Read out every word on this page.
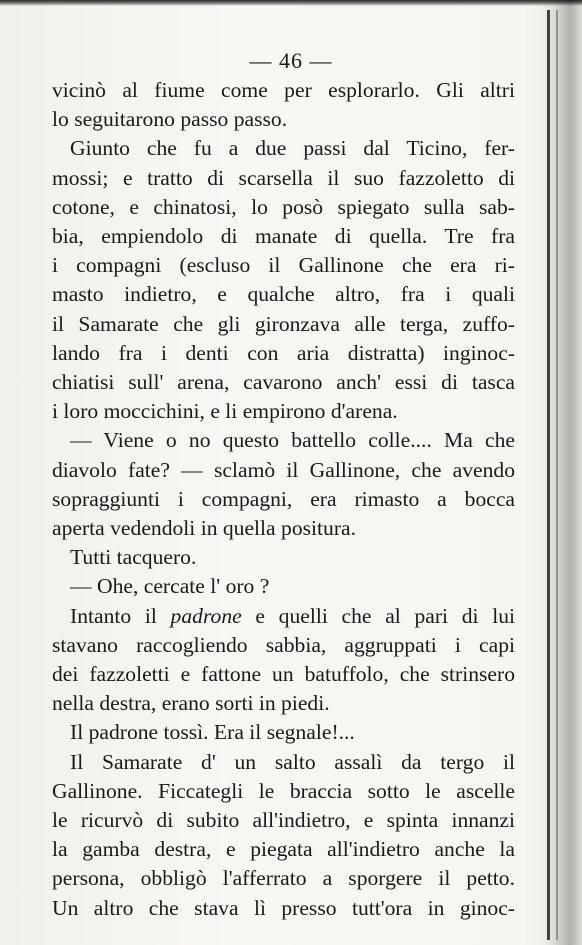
— 46 —
vicinò al fiume come per esplorarlo. Gli altri
lo seguitarono passo passo.
Giunto che fu a due passi dal Ticino, fer-
mossi; e tratto di scarsella il suo fazzoletto di
cotone, e chinatosi, lo posò spiegato sulla sab-
bia, empiendolo di manate di quella. Tre fra
i compagni (escluso il Gallinone che era ri-
masto indietro, e qualche altro, fra i quali
il Samarate che gli gironzava alle terga, zuffo-
lando fra i denti con aria distratta) inginoc-
chiatisi sull' arena, cavarono anch' essi di tasca
i loro moccichini, e li empirono d'arena.
— Viene o no questo battello colle.... Ma che
diavolo fate? — sclamò il Gallinone, che avendo
sopraggiunti i compagni, era rimasto a bocca
aperta vedendoli in quella positura.
Tutti tacquero.
— Ohe, cercate l' oro ?
Intanto il padrone e quelli che al pari di lui
stavano raccogliendo sabbia, aggruppati i capi
dei fazzoletti e fattone un batuffolo, che strinsero
nella destra, erano sorti in piedi.
Il padrone tossì. Era il segnale!...
Il Samarate d' un salto assalì da tergo il
Gallinone. Ficcategli le braccia sotto le ascelle
le ricurvò di subito all'indietro, e spinta innanzi
la gamba destra, e piegata all'indietro anche la
persona, obbligò l'afferrato a sporgere il petto.
Un altro che stava lì presso tutt'ora in ginoc-
